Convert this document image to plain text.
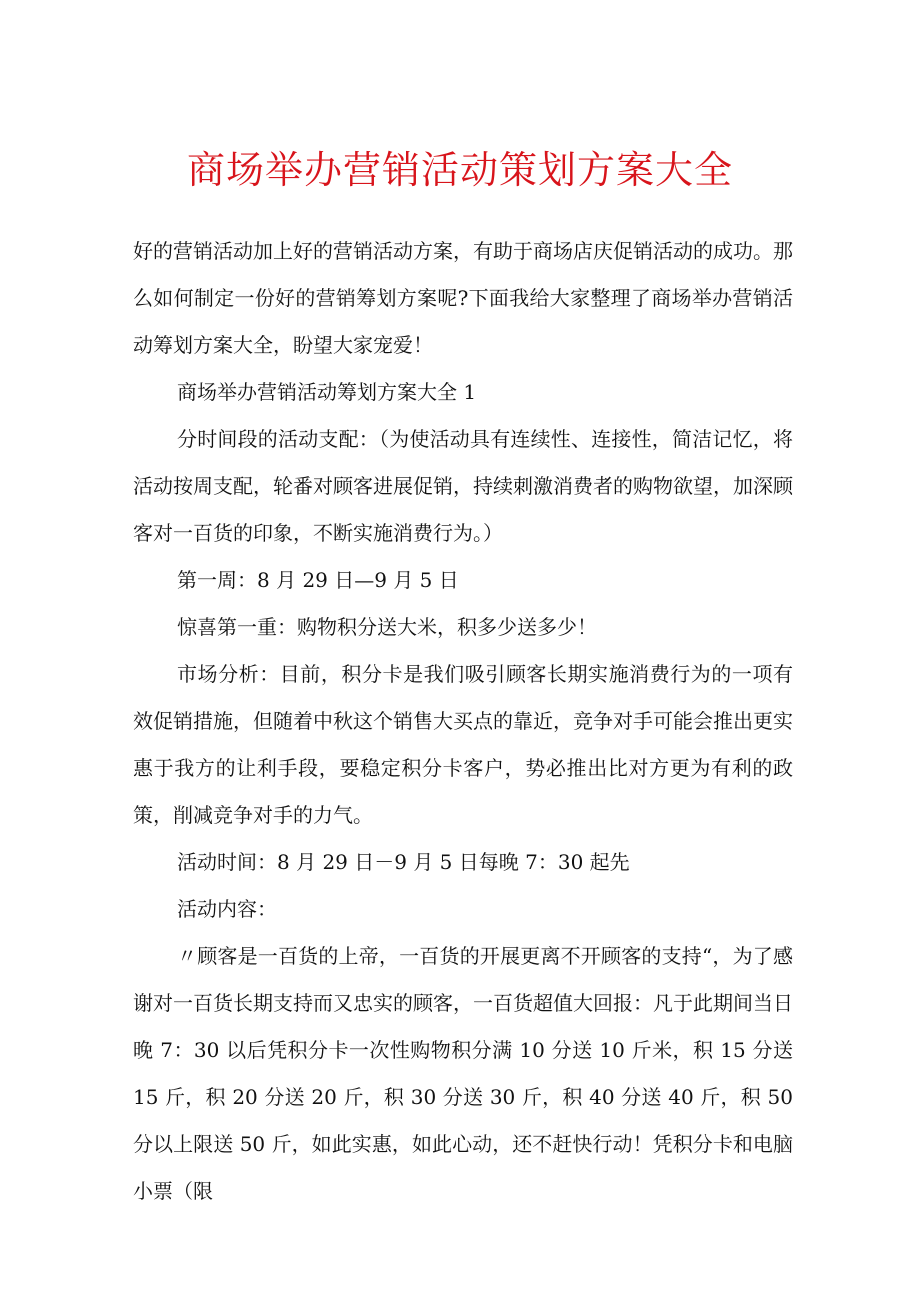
商场举办营销活动策划方案大全

好的营销活动加上好的营销活动方案，有助于商场店庆促销活动的成功。那么如何制定一份好的营销筹划方案呢?下面我给大家整理了商场举办营销活动筹划方案大全，盼望大家宠爱！

商场举办营销活动筹划方案大全 1

分时间段的活动支配：（为使活动具有连续性、连接性，简洁记忆，将活动按周支配，轮番对顾客进展促销，持续刺激消费者的购物欲望，加深顾客对一百货的印象，不断实施消费行为。）

第一周：8 月 29 日—9 月 5 日

惊喜第一重：购物积分送大米，积多少送多少！

市场分析：目前，积分卡是我们吸引顾客长期实施消费行为的一项有效促销措施，但随着中秋这个销售大买点的靠近，竞争对手可能会推出更实惠于我方的让利手段，要稳定积分卡客户，势必推出比对方更为有利的政策，削减竞争对手的力气。

活动时间：8 月 29 日－9 月 5 日每晚 7：30 起先

活动内容：

〃顾客是一百货的上帝，一百货的开展更离不开顾客的支持“，为了感谢对一百货长期支持而又忠实的顾客，一百货超值大回报：凡于此期间当日晚 7：30 以后凭积分卡一次性购物积分满 10 分送 10 斤米，积 15 分送 15 斤，积 20 分送 20 斤，积 30 分送 30 斤，积 40 分送 40 斤，积 50 分以上限送 50 斤，如此实惠，如此心动，还不赶快行动！凭积分卡和电脑小票（限
